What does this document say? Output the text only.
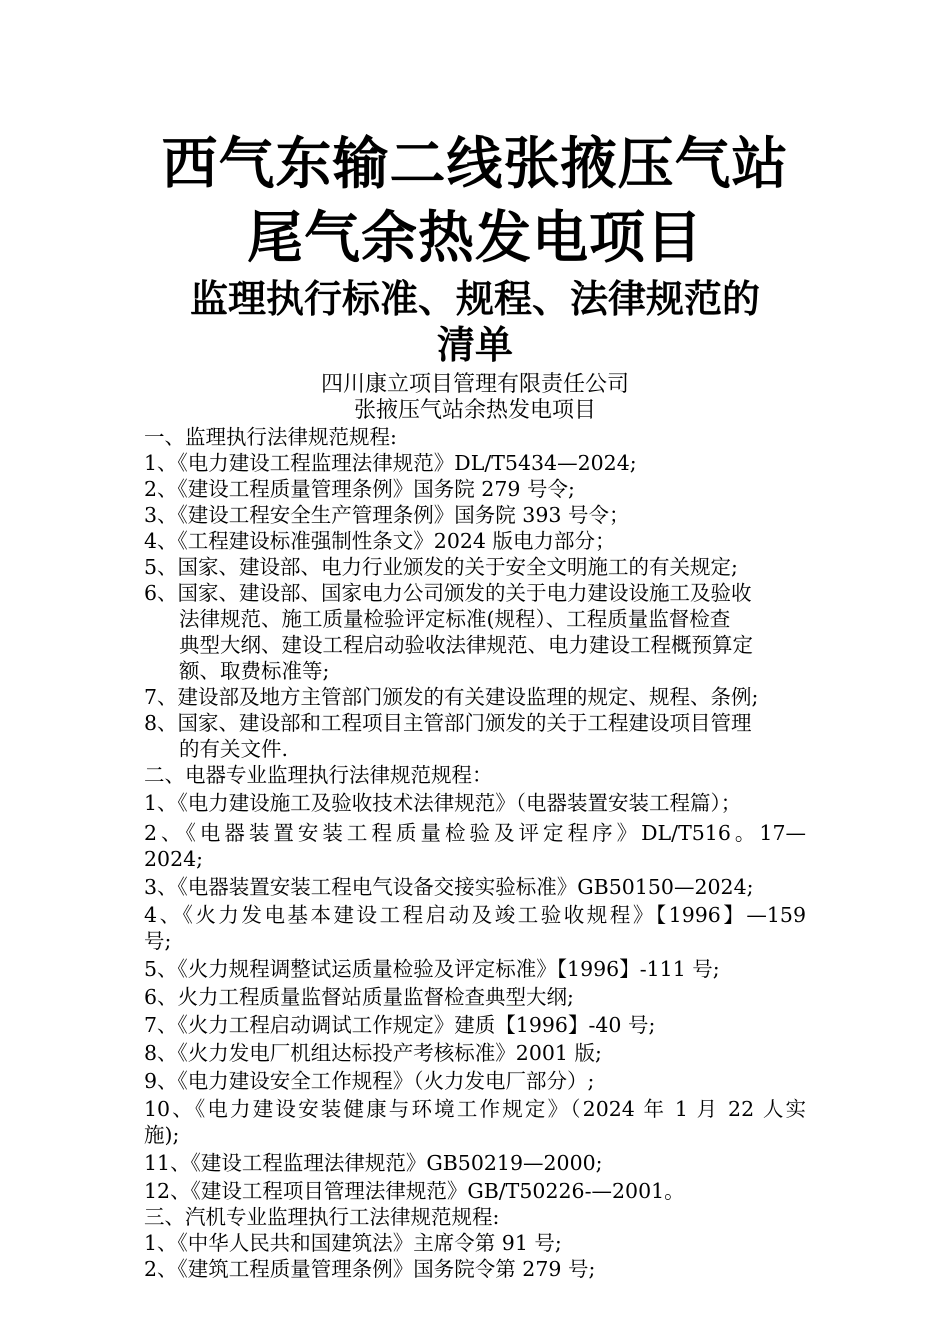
西气东输二线张掖压气站
尾气余热发电项目
监理执行标准、规程、法律规范的
清单
四川康立项目管理有限责任公司
张掖压气站余热发电项目
一、监理执行法律规范规程:
1、《电力建设工程监理法律规范》DL/T5434—2024;
2、《建设工程质量管理条例》国务院 279 号令;
3、《建设工程安全生产管理条例》国务院 393 号令；
4、《工程建设标准强制性条文》2024 版电力部分；
5、国家、建设部、电力行业颁发的关于安全文明施工的有关规定;
6、国家、建设部、国家电力公司颁发的关于电力建设设施工及验收
法律规范、施工质量检验评定标准(规程）、工程质量监督检查
典型大纲、建设工程启动验收法律规范、电力建设工程概预算定
额、取费标准等;
7、建设部及地方主管部门颁发的有关建设监理的规定、规程、条例;
8、国家、建设部和工程项目主管部门颁发的关于工程建设项目管理
的有关文件.
二、电器专业监理执行法律规范规程：
1、《电力建设施工及验收技术法律规范》（电器装置安装工程篇）；
2、《电器装置安装工程质量检验及评定程序》DL/T516。17—
2024;
3、《电器装置安装工程电气设备交接实验标准》GB50150—2024;
4、《火力发电基本建设工程启动及竣工验收规程》【1996】—159
号;
5、《火力规程调整试运质量检验及评定标准》【1996】-111 号;
6、火力工程质量监督站质量监督检查典型大纲;
7、《火力工程启动调试工作规定》建质【1996】-40 号;
8、《火力发电厂机组达标投产考核标准》2001 版;
9、《电力建设安全工作规程》（火力发电厂部分）;
10、《电力建设安装健康与环境工作规定》（2024 年 1 月 22 人实
施);
11、《建设工程监理法律规范》GB50219—2000;
12、《建设工程项目管理法律规范》GB/T50226-—2001。
三、汽机专业监理执行工法律规范规程:
1、《中华人民共和国建筑法》主席令第 91 号;
2、《建筑工程质量管理条例》国务院令第 279 号;
